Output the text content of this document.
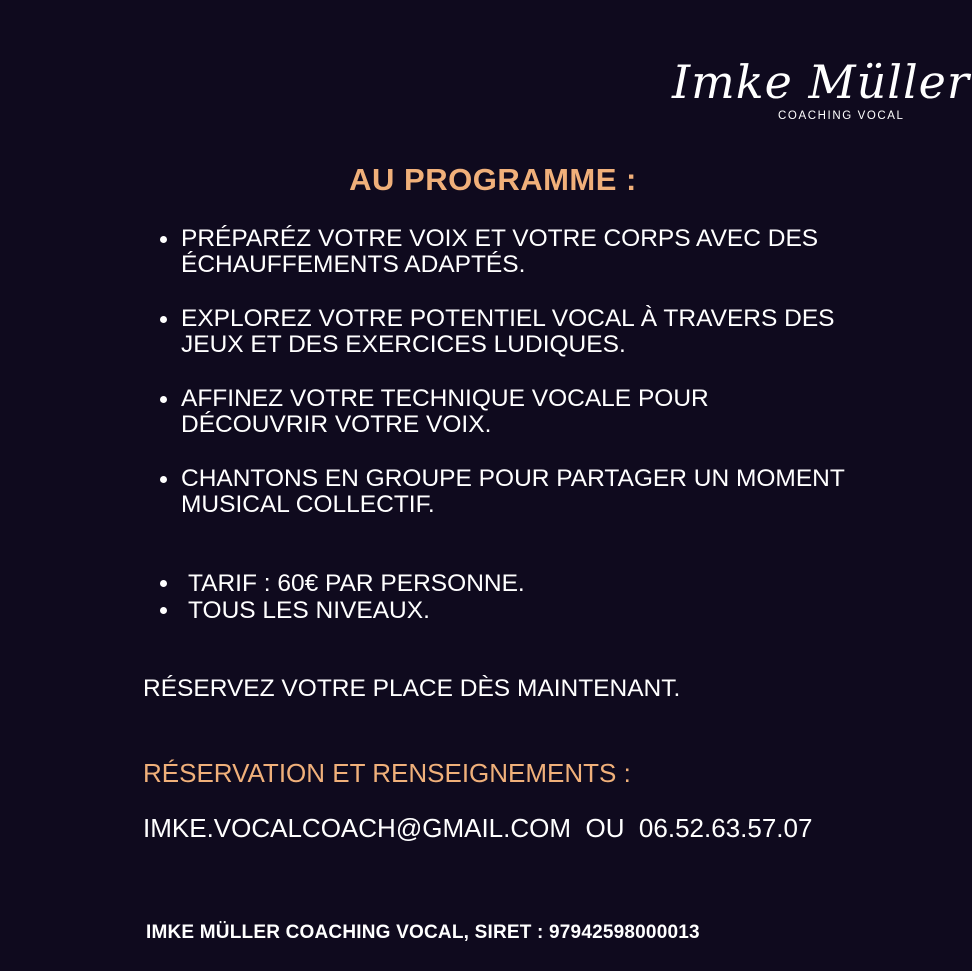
Imke Müller
COACHING VOCAL
AU PROGRAMME :
PRÉPARÉZ VOTRE VOIX ET VOTRE CORPS AVEC DES ÉCHAUFFEMENTS ADAPTÉS.
EXPLOREZ VOTRE POTENTIEL VOCAL À TRAVERS DES JEUX ET DES EXERCICES LUDIQUES.
AFFINEZ VOTRE TECHNIQUE VOCALE POUR DÉCOUVRIR VOTRE VOIX.
CHANTONS EN GROUPE POUR PARTAGER UN MOMENT MUSICAL COLLECTIF.
TARIF : 60€ PAR PERSONNE.
TOUS LES NIVEAUX.
RÉSERVEZ VOTRE PLACE DÈS MAINTENANT.
RÉSERVATION ET RENSEIGNEMENTS :
IMKE.VOCALCOACH@GMAIL.COM OU 06.52.63.57.07
IMKE MÜLLER COACHING VOCAL, SIRET : 97942598000013
